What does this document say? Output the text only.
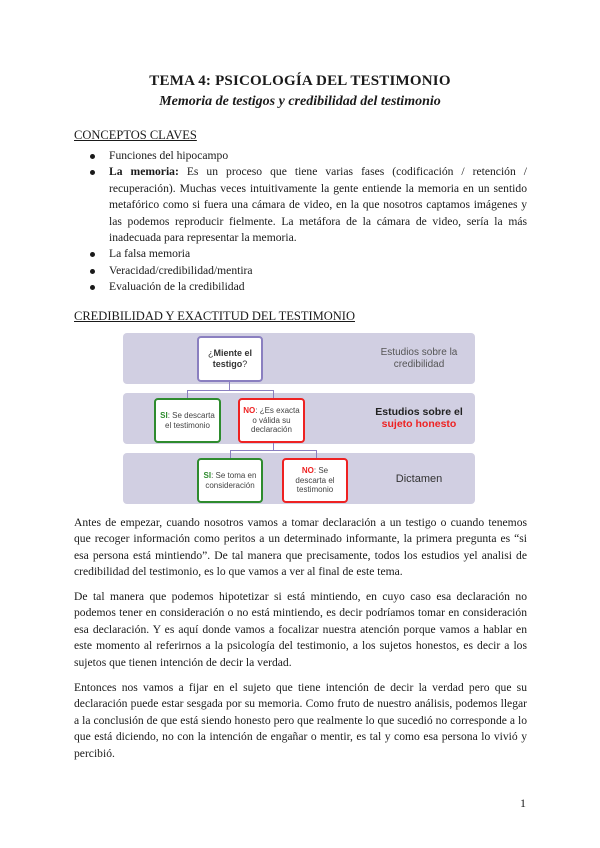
TEMA 4: PSICOLOGÍA DEL TESTIMONIO
Memoria de testigos y credibilidad del testimonio
CONCEPTOS CLAVES
Funciones del hipocampo
La memoria: Es un proceso que tiene varias fases (codificación / retención / recuperación). Muchas veces intuitivamente la gente entiende la memoria en un sentido metafórico como si fuera una cámara de video, en la que nosotros captamos imágenes y las podemos reproducir fielmente. La metáfora de la cámara de video, sería la más inadecuada para representar la memoria.
La falsa memoria
Veracidad/credibilidad/mentira
Evaluación de la credibilidad
CREDIBILIDAD Y EXACTITUD DEL TESTIMONIO
¿Miente el testigo?
Estudios sobre la credibilidad
SI: Se descarta el testimonio
NO: ¿Es exacta o válida su declaración
Estudios sobre el
sujeto honesto
SI: Se toma en consideración
NO: Se descarta el testimonio
Dictamen
Antes de empezar, cuando nosotros vamos a tomar declaración a un testigo o cuando tenemos que recoger información como peritos a un determinado informante, la primera pregunta es “si esa persona está mintiendo”. De tal manera que precisamente, todos los estudios yel analisi de credibilidad del testimonio, es lo que vamos a ver al final de este tema.
De tal manera que podemos hipotetizar si está mintiendo, en cuyo caso esa declaración no podemos tener en consideración o no está mintiendo, es decir podríamos tomar en consideración esa declaración. Y es aquí donde vamos a focalizar nuestra atención porque vamos a hablar en este momento al referirnos a la psicología del testimonio, a los sujetos honestos, es decir a los sujetos que tienen intención de decir la verdad.
Entonces nos vamos a fijar en el sujeto que tiene intención de decir la verdad pero que su declaración puede estar sesgada por su memoria. Como fruto de nuestro análisis, podemos llegar a la conclusión de que está siendo honesto pero que realmente lo que sucedió no corresponde a lo que está diciendo, no con la intención de engañar o mentir, es tal y como esa persona lo vivió y percibió.
1
